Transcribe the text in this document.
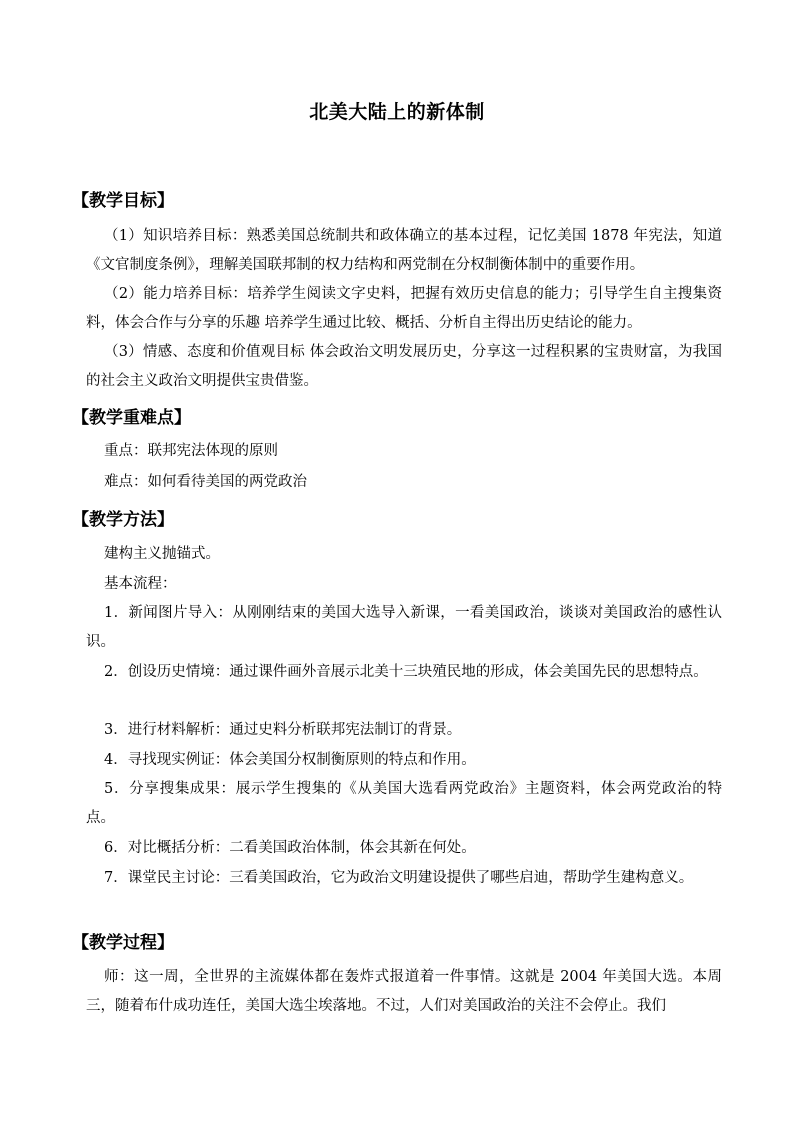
北美大陆上的新体制
【教学目标】
（1）知识培养目标：熟悉美国总统制共和政体确立的基本过程，记忆美国 1878 年宪法，知道《文官制度条例》，理解美国联邦制的权力结构和两党制在分权制衡体制中的重要作用。
（2）能力培养目标：培养学生阅读文字史料，把握有效历史信息的能力；引导学生自主搜集资料，体会合作与分享的乐趣 培养学生通过比较、概括、分析自主得出历史结论的能力。
（3）情感、态度和价值观目标 体会政治文明发展历史，分享这一过程积累的宝贵财富，为我国的社会主义政治文明提供宝贵借鉴。
【教学重难点】
重点：联邦宪法体现的原则
难点：如何看待美国的两党政治
【教学方法】
建构主义抛锚式。
基本流程：
1．新闻图片导入：从刚刚结束的美国大选导入新课，一看美国政治，谈谈对美国政治的感性认识。
2．创设历史情境：通过课件画外音展示北美十三块殖民地的形成，体会美国先民的思想特点。
3．进行材料解析：通过史料分析联邦宪法制订的背景。
4．寻找现实例证：体会美国分权制衡原则的特点和作用。
5．分享搜集成果：展示学生搜集的《从美国大选看两党政治》主题资料，体会两党政治的特点。
6．对比概括分析：二看美国政治体制，体会其新在何处。
7．课堂民主讨论：三看美国政治，它为政治文明建设提供了哪些启迪，帮助学生建构意义。
【教学过程】
师：这一周，全世界的主流媒体都在轰炸式报道着一件事情。这就是 2004 年美国大选。本周三，随着布什成功连任，美国大选尘埃落地。不过，人们对美国政治的关注不会停止。我们
